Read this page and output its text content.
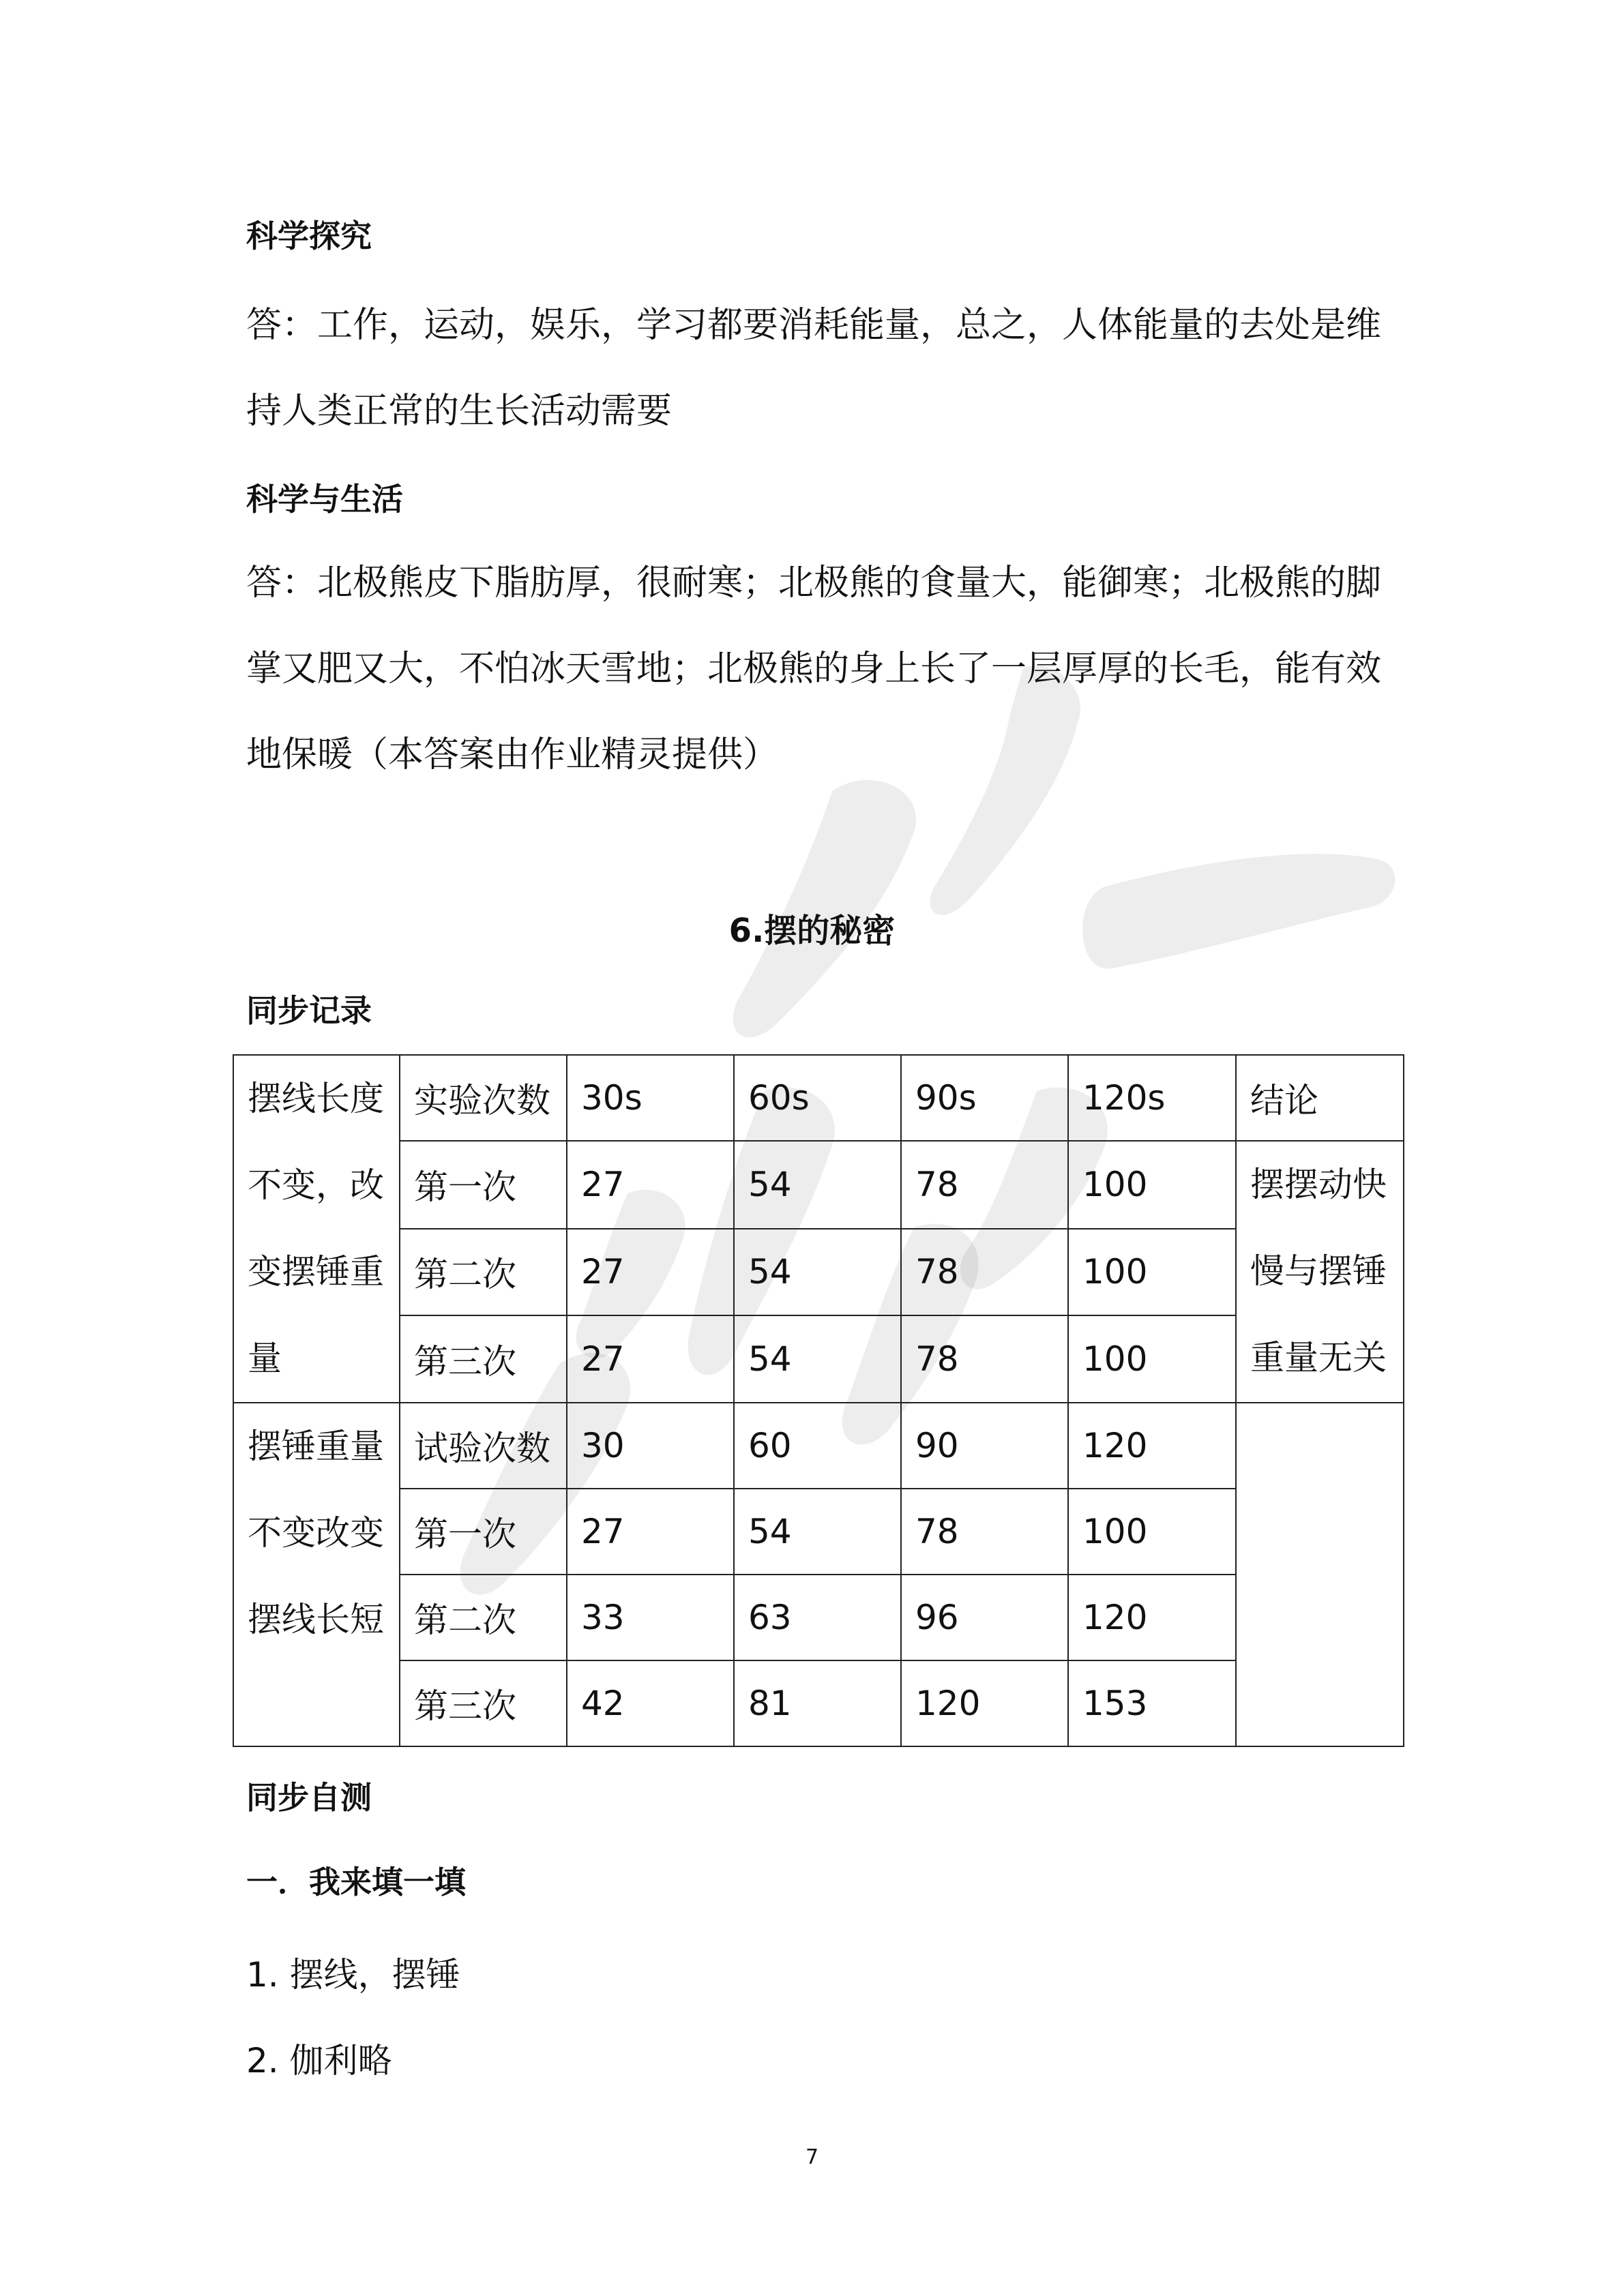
科学探究
答：工作，运动，娱乐，学习都要消耗能量，总之，人体能量的去处是维持人类正常的生长活动需要
科学与生活
答：北极熊皮下脂肪厚，很耐寒；北极熊的食量大，能御寒；北极熊的脚掌又肥又大，不怕冰天雪地；北极熊的身上长了一层厚厚的长毛，能有效地保暖（本答案由作业精灵提供）
6.摆的秘密
同步记录
摆线长度不变，改变摆锤重量	实验次数	30s	60s	90s	120s	结论
	第一次	27	54	78	100	摆摆动快慢与摆锤重量无关
	第二次	27	54	78	100	
	第三次	27	54	78	100	
摆锤重量不变改变摆线长短	试验次数	30	60	90	120	
	第一次	27	54	78	100	
	第二次	33	63	96	120	
	第三次	42	81	120	153	
同步自测
一．我来填一填
1. 摆线，摆锤
2. 伽利略
7
